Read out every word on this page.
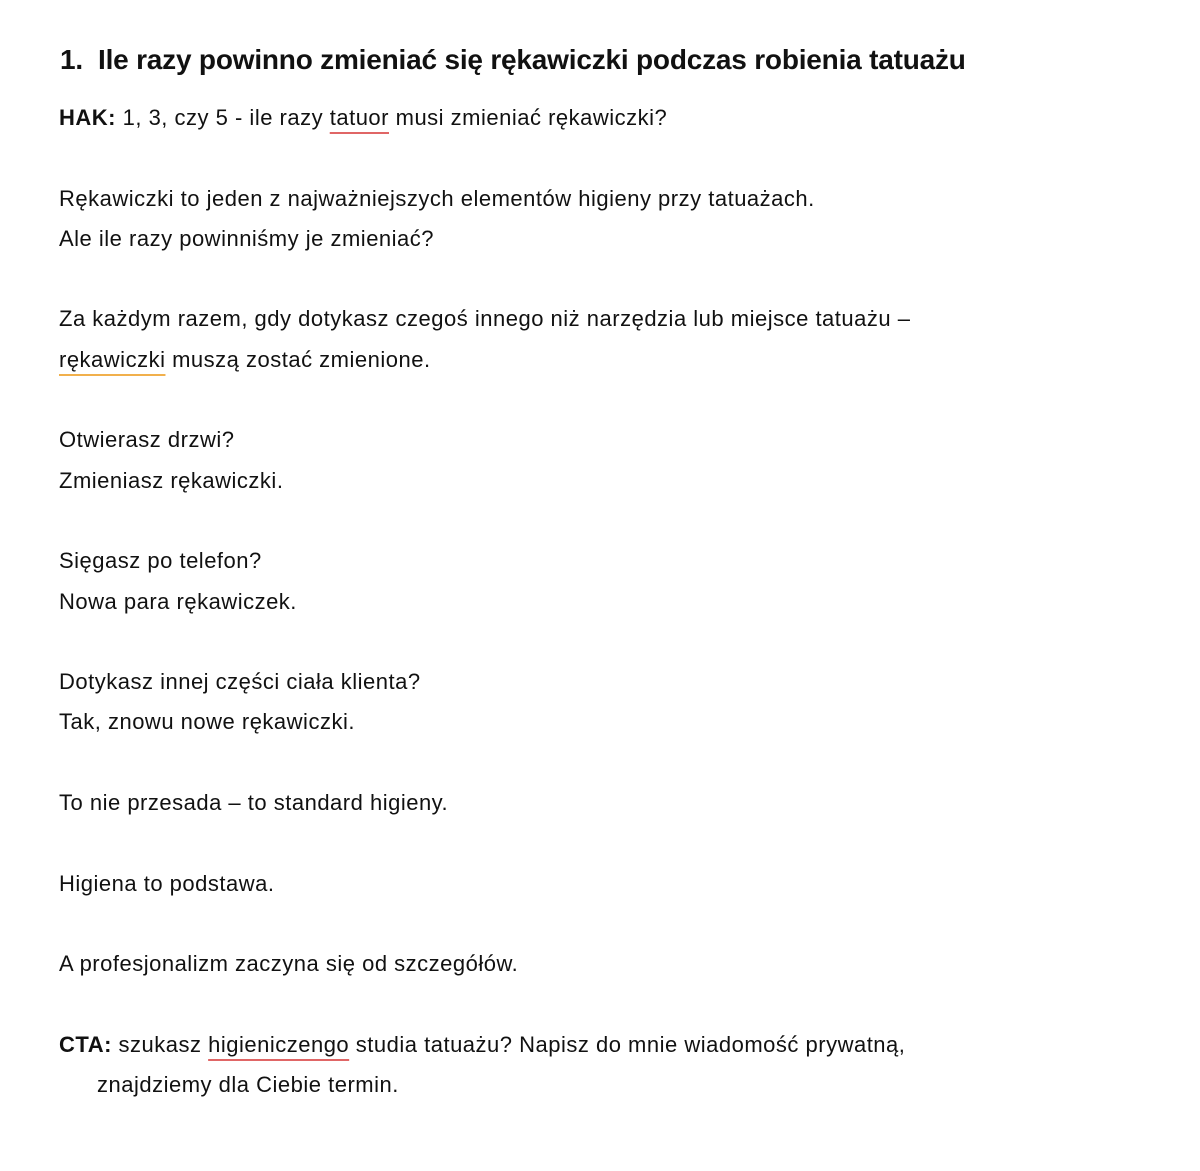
1. Ile razy powinno zmieniać się rękawiczki podczas robienia tatuażu
HAK: 1, 3, czy 5 - ile razy tatuor musi zmieniać rękawiczki?
Rękawiczki to jeden z najważniejszych elementów higieny przy tatuażach.
Ale ile razy powinniśmy je zmieniać?
Za każdym razem, gdy dotykasz czegoś innego niż narzędzia lub miejsce tatuażu –
rękawiczki muszą zostać zmienione.
Otwierasz drzwi?
Zmieniasz rękawiczki.
Sięgasz po telefon?
Nowa para rękawiczek.
Dotykasz innej części ciała klienta?
Tak, znowu nowe rękawiczki.
To nie przesada – to standard higieny.
Higiena to podstawa.
A profesjonalizm zaczyna się od szczegółów.
CTA: szukasz higieniczengo studia tatuażu? Napisz do mnie wiadomość prywatną,
znajdziemy dla Ciebie termin.
